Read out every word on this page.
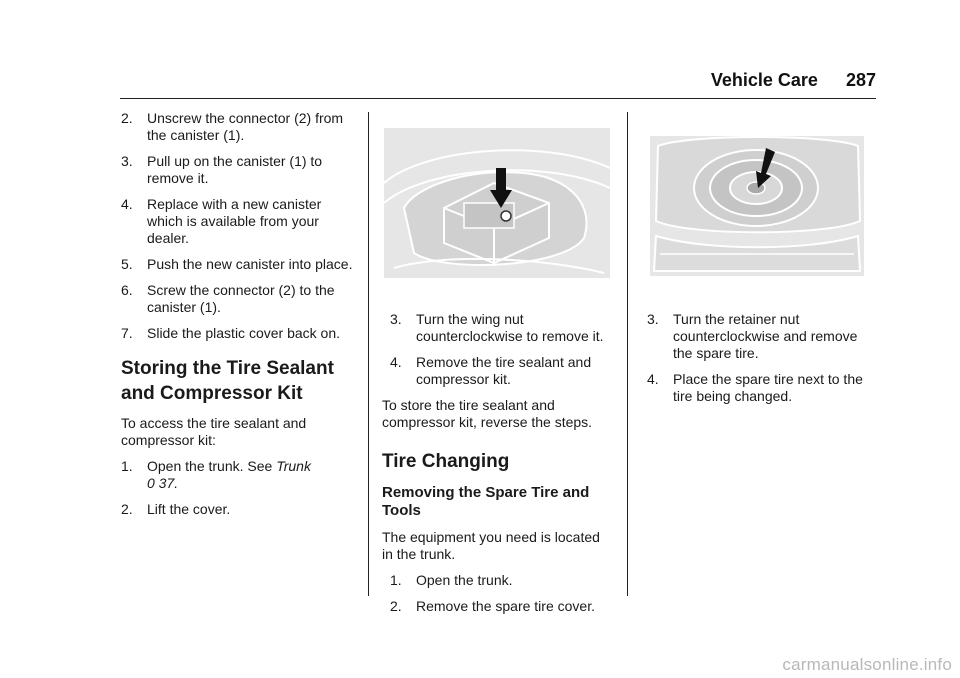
Vehicle Care 287
2.	Unscrew the connector (2) from the canister (1).
3.	Pull up on the canister (1) to remove it.
4.	Replace with a new canister which is available from your dealer.
5.	Push the new canister into place.
6.	Screw the connector (2) to the canister (1).
7.	Slide the plastic cover back on.
Storing the Tire Sealant and Compressor Kit

To access the tire sealant and compressor kit:

1.	Open the trunk. See Trunk
0 37.
2.	Lift the cover.
3.	Turn the wing nut counterclockwise to remove it.
4.	Remove the tire sealant and compressor kit.

To store the tire sealant and compressor kit, reverse the steps.

Tire Changing
Removing the Spare Tire and Tools

The equipment you need is located in the trunk.

1.	Open the trunk.
2.	Remove the spare tire cover.
3.	Turn the retainer nut counterclockwise and remove the spare tire.
4.	Place the spare tire next to the tire being changed.
carmanualsonline.info
